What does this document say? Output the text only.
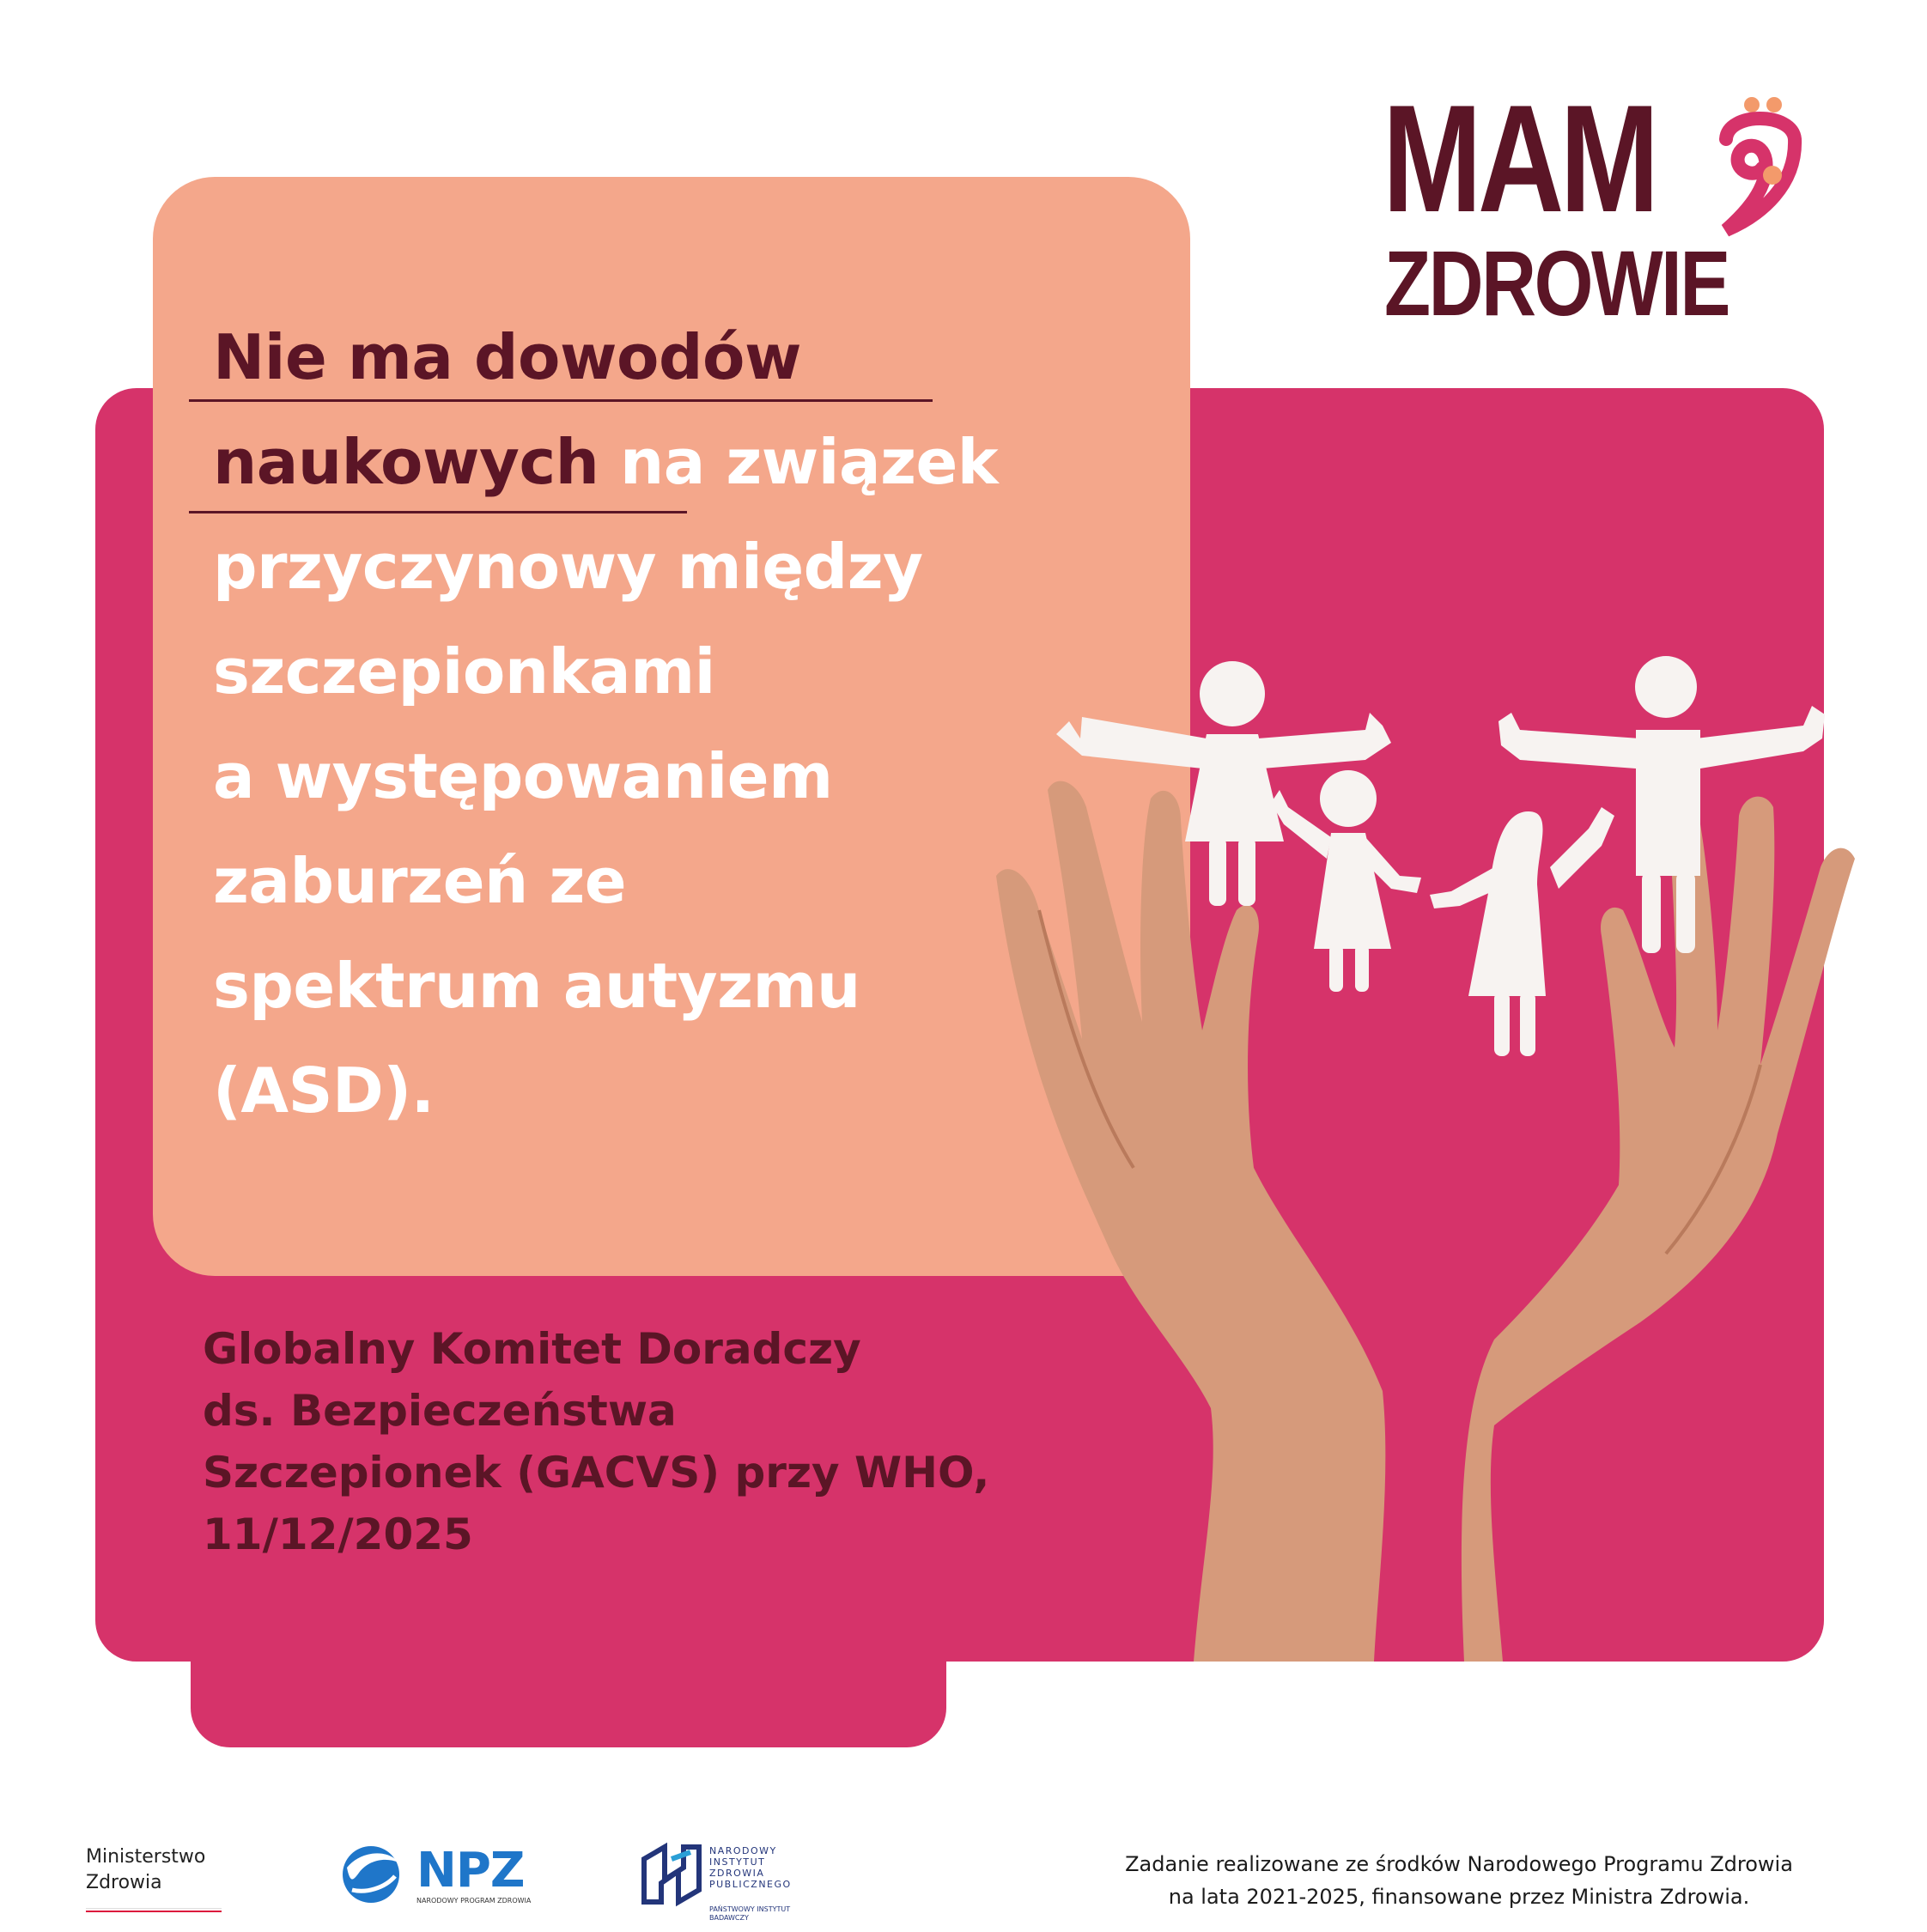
MAM
ZDROWIE
Nie ma dowodów
naukowych na związek
przyczynowy między
szczepionkami
a występowaniem
zaburzeń ze
spektrum autyzmu
(ASD).
Globalny Komitet Doradczy
ds. Bezpieczeństwa
Szczepionek (GACVS) przy WHO,
11/12/2025
Ministerstwo
Zdrowia	NPZ
NARODOWY PROGRAM ZDROWIA
NARODOWY
INSTYTUT
ZDROWIA
PUBLICZNEGO
PAŃSTWOWY INSTYTUT
BADAWCZY
Zadanie realizowane ze środków Narodowego Programu Zdrowia
na lata 2021-2025, finansowane przez Ministra Zdrowia.
